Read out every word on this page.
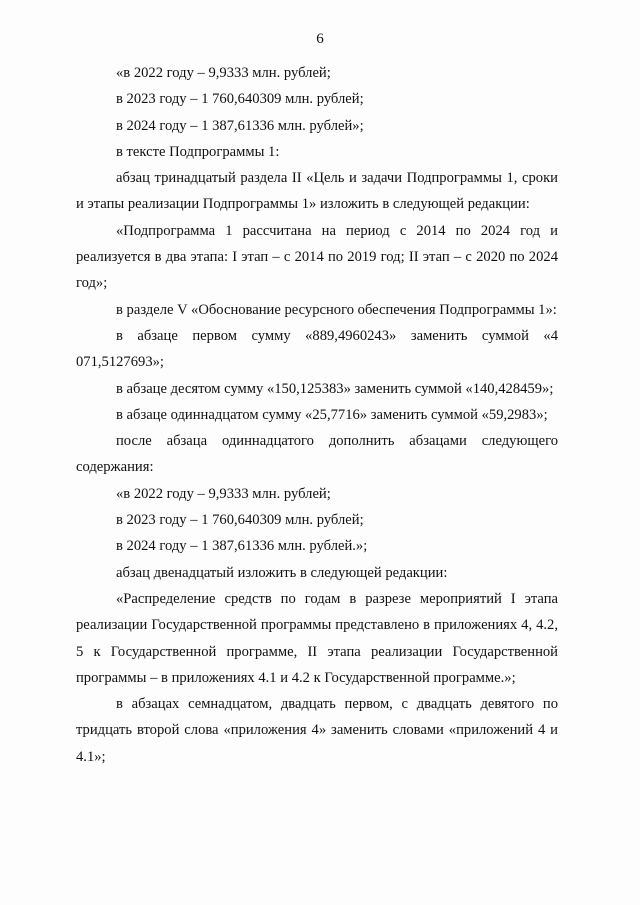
6

«в 2022 году – 9,9333 млн. рублей;

в 2023 году – 1 760,640309 млн. рублей;

в 2024 году – 1 387,61336 млн. рублей»;

в тексте Подпрограммы 1:

абзац тринадцатый раздела II «Цель и задачи Подпрограммы 1, сроки и этапы реализации Подпрограммы 1» изложить в следующей редакции:

«Подпрограмма 1 рассчитана на период с 2014 по 2024 год и реализуется в два этапа: I этап – с 2014 по 2019 год; II этап – с 2020 по 2024 год»;

в разделе V «Обоснование ресурсного обеспечения Подпрограммы 1»:

в абзаце первом сумму «889,4960243» заменить суммой «4 071,5127693»;

в абзаце десятом сумму «150,125383» заменить суммой «140,428459»;

в абзаце одиннадцатом сумму «25,7716» заменить суммой «59,2983»;

после абзаца одиннадцатого дополнить абзацами следующего содержания:

«в 2022 году – 9,9333 млн. рублей;

в 2023 году – 1 760,640309 млн. рублей;

в 2024 году – 1 387,61336 млн. рублей.»;

абзац двенадцатый изложить в следующей редакции:

«Распределение средств по годам в разрезе мероприятий I этапа реализации Государственной программы представлено в приложениях 4, 4.2, 5 к Государственной программе, II этапа реализации Государственной программы – в приложениях 4.1 и 4.2 к Государственной программе.»;

в абзацах семнадцатом, двадцать первом, с двадцать девятого по тридцать второй слова «приложения 4» заменить словами «приложений 4 и 4.1»;
